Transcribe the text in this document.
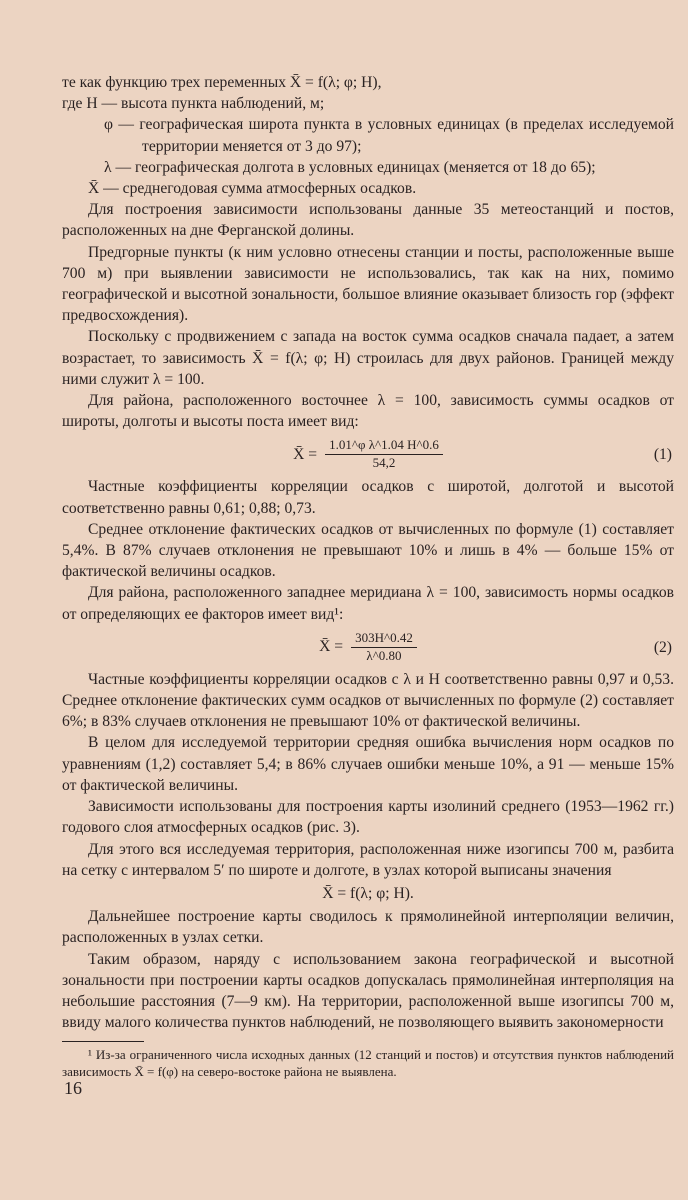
те как функцию трех переменных X̄ = f(λ; φ; H),

где H — высота пункта наблюдений, м;

φ — географическая широта пункта в условных единицах (в пределах исследуемой территории меняется от 3 до 97);

λ — географическая долгота в условных единицах (меняется от 18 до 65);

X̄ — среднегодовая сумма атмосферных осадков.

Для построения зависимости использованы данные 35 метеостанций и постов, расположенных на дне Ферганской долины.

Предгорные пункты (к ним условно отнесены станции и посты, расположенные выше 700 м) при выявлении зависимости не использовались, так как на них, помимо географической и высотной зональности, большое влияние оказывает близость гор (эффект предвосхождения).

Поскольку с продвижением с запада на восток сумма осадков сначала падает, а затем возрастает, то зависимость X̄ = f(λ; φ; H) строилась для двух районов. Границей между ними служит λ = 100.

Для района, расположенного восточнее λ = 100, зависимость суммы осадков от широты, долготы и высоты поста имеет вид:

X̄ = $\frac{\text{1.01\textasciicircum{}φ λ\textasciicircum{}1.04 H\textasciicircum{}0.6}}{54,2}$	(1)

Частные коэффициенты корреляции осадков с широтой, долготой и высотой соответственно равны 0,61; 0,88; 0,73.

Среднее отклонение фактических осадков от вычисленных по формуле (1) составляет 5,4%. В 87% случаев отклонения не превышают 10% и лишь в 4% — больше 15% от фактической величины осадков.

Для района, расположенного западнее меридиана λ = 100, зависимость нормы осадков от определяющих ее факторов имеет вид¹:

X̄ = $\frac{303H\^{}0.42}{\lambda\^{}0.80}$	(2)

Частные коэффициенты корреляции осадков с λ и H соответственно равны 0,97 и 0,53. Среднее отклонение фактических сумм осадков от вычисленных по формуле (2) составляет 6%; в 83% случаев отклонения не превышают 10% от фактической величины.

В целом для исследуемой территории средняя ошибка вычисления норм осадков по уравнениям (1,2) составляет 5,4; в 86% случаев ошибки меньше 10%, а 91 — меньше 15% от фактической величины.

Зависимости использованы для построения карты изолиний среднего (1953—1962 гг.) годового слоя атмосферных осадков (рис. 3).

Для этого вся исследуемая территория, расположенная ниже изогипсы 700 м, разбита на сетку с интервалом 5′ по широте и долготе, в узлах которой выписаны значения

X̄ = f(λ; φ; H).

Дальнейшее построение карты сводилось к прямолинейной интерполяции величин, расположенных в узлах сетки.

Таким образом, наряду с использованием закона географической и высотной зональности при построении карты осадков допускалась прямолинейная интерполяция на небольшие расстояния (7—9 км). На территории, расположенной выше изогипсы 700 м, ввиду малого количества пунктов наблюдений, не позволяющего выявить закономерности

¹ Из-за ограниченного числа исходных данных (12 станций и постов) и отсутствия пунктов наблюдений зависимость X̄ = f(φ) на северо-востоке района не выявлена.

16
